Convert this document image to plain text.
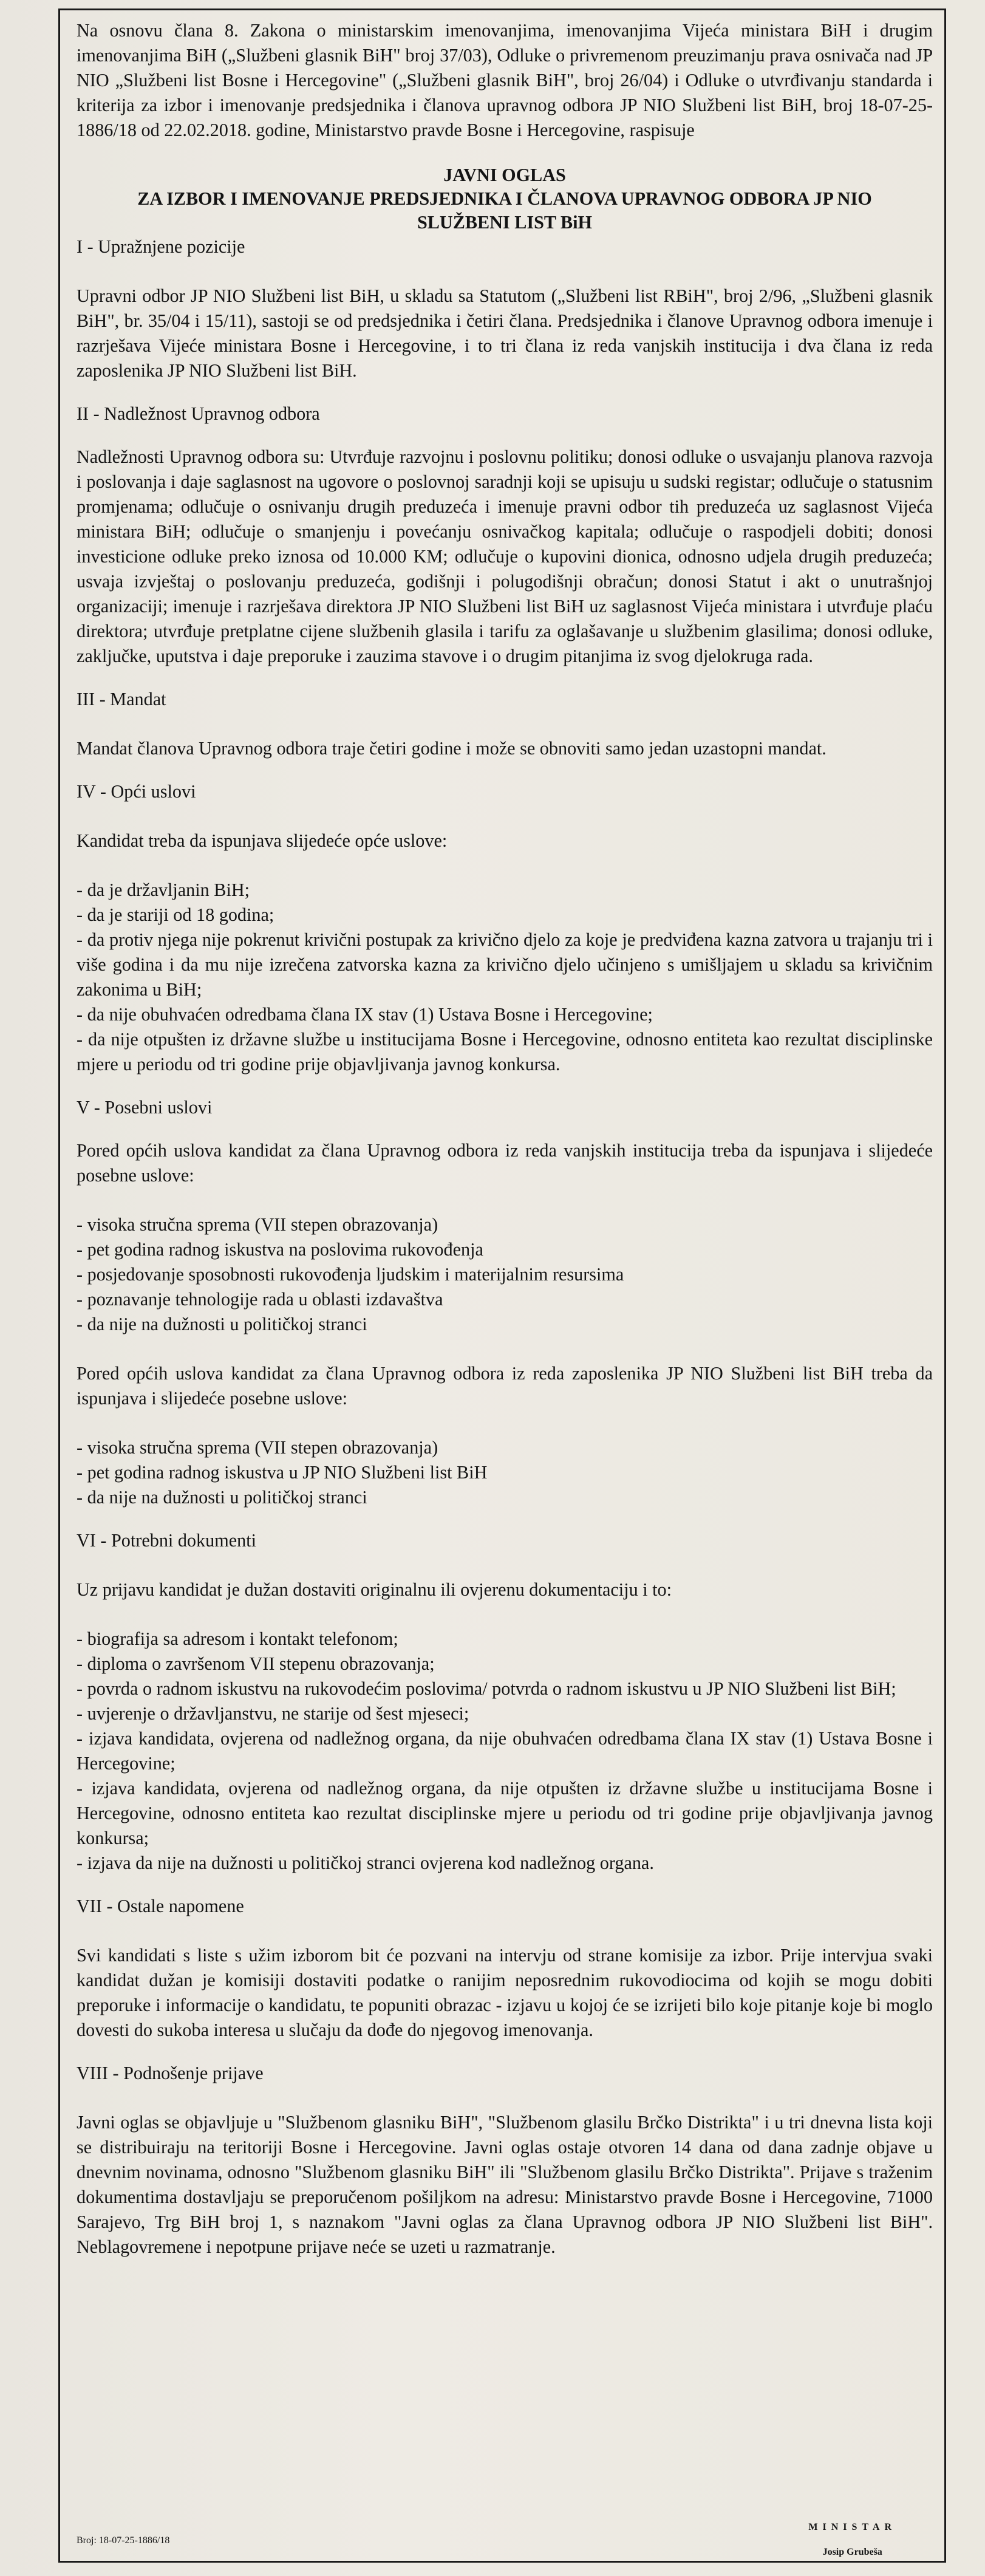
Na osnovu člana 8. Zakona o ministarskim imenovanjima, imenovanjima Vijeća ministara BiH i drugim imenovanjima BiH („Službeni glasnik BiH" broj 37/03), Odluke o privremenom preuzimanju prava osnivača nad JP NIO „Službeni list Bosne i Hercegovine" („Službeni glasnik BiH", broj 26/04) i Odluke o utvrđivanju standarda i kriterija za izbor i imenovanje predsjednika i članova upravnog odbora JP NIO Službeni list BiH, broj 18-07-25-1886/18 od 22.02.2018. godine, Ministarstvo pravde Bosne i Hercegovine, raspisuje

JAVNI OGLAS
ZA IZBOR I IMENOVANJE PREDSJEDNIKA I ČLANOVA UPRAVNOG ODBORA JP NIO
SLUŽBENI LIST BiH

I - Upražnjene pozicije

Upravni odbor JP NIO Službeni list BiH, u skladu sa Statutom („Službeni list RBiH", broj 2/96, „Službeni glasnik BiH", br. 35/04 i 15/11), sastoji se od predsjednika i četiri člana. Predsjednika i članove Upravnog odbora imenuje i razrješava Vijeće ministara Bosne i Hercegovine, i to tri člana iz reda vanjskih institucija i dva člana iz reda zaposlenika JP NIO Službeni list BiH.

II - Nadležnost Upravnog odbora

Nadležnosti Upravnog odbora su: Utvrđuje razvojnu i poslovnu politiku; donosi odluke o usvajanju planova razvoja i poslovanja i daje saglasnost na ugovore o poslovnoj saradnji koji se upisuju u sudski registar; odlučuje o statusnim promjenama; odlučuje o osnivanju drugih preduzeća i imenuje pravni odbor tih preduzeća uz saglasnost Vijeća ministara BiH; odlučuje o smanjenju i povećanju osnivačkog kapitala; odlučuje o raspodjeli dobiti; donosi investicione odluke preko iznosa od 10.000 KM; odlučuje o kupovini dionica, odnosno udjela drugih preduzeća; usvaja izvještaj o poslovanju preduzeća, godišnji i polugodišnji obračun; donosi Statut i akt o unutrašnjoj organizaciji; imenuje i razrješava direktora JP NIO Službeni list BiH uz saglasnost Vijeća ministara i utvrđuje plaću direktora; utvrđuje pretplatne cijene službenih glasila i tarifu za oglašavanje u službenim glasilima; donosi odluke, zaključke, uputstva i daje preporuke i zauzima stavove i o drugim pitanjima iz svog djelokruga rada.

III - Mandat

Mandat članova Upravnog odbora traje četiri godine i može se obnoviti samo jedan uzastopni mandat.

IV - Opći uslovi

Kandidat treba da ispunjava slijedeće opće uslove:

- da je državljanin BiH;
- da je stariji od 18 godina;
- da protiv njega nije pokrenut krivični postupak za krivično djelo za koje je predviđena kazna zatvora u trajanju tri i više godina i da mu nije izrečena zatvorska kazna za krivično djelo učinjeno s umišljajem u skladu sa krivičnim zakonima u BiH;
- da nije obuhvaćen odredbama člana IX stav (1) Ustava Bosne i Hercegovine;
- da nije otpušten iz državne službe u institucijama Bosne i Hercegovine, odnosno entiteta kao rezultat disciplinske mjere u periodu od tri godine prije objavljivanja javnog konkursa.

V - Posebni uslovi

Pored općih uslova kandidat za člana Upravnog odbora iz reda vanjskih institucija treba da ispunjava i slijedeće posebne uslove:

- visoka stručna sprema (VII stepen obrazovanja)
- pet godina radnog iskustva na poslovima rukovođenja
- posjedovanje sposobnosti rukovođenja ljudskim i materijalnim resursima
- poznavanje tehnologije rada u oblasti izdavaštva
- da nije na dužnosti u političkoj stranci

Pored općih uslova kandidat za člana Upravnog odbora iz reda zaposlenika JP NIO Službeni list BiH treba da ispunjava i slijedeće posebne uslove:

- visoka stručna sprema (VII stepen obrazovanja)
- pet godina radnog iskustva u JP NIO Službeni list BiH
- da nije na dužnosti u političkoj stranci

VI - Potrebni dokumenti

Uz prijavu kandidat je dužan dostaviti originalnu ili ovjerenu dokumentaciju i to:

- biografija sa adresom i kontakt telefonom;
- diploma o završenom VII stepenu obrazovanja;
- povrda o radnom iskustvu na rukovodećim poslovima/ potvrda o radnom iskustvu u JP NIO Službeni list BiH;
- uvjerenje o državljanstvu, ne starije od šest mjeseci;
- izjava kandidata, ovjerena od nadležnog organa, da nije obuhvaćen odredbama člana IX stav (1) Ustava Bosne i Hercegovine;
- izjava kandidata, ovjerena od nadležnog organa, da nije otpušten iz državne službe u institucijama Bosne i Hercegovine, odnosno entiteta kao rezultat disciplinske mjere u periodu od tri godine prije objavljivanja javnog konkursa;
- izjava da nije na dužnosti u političkoj stranci ovjerena kod nadležnog organa.

VII - Ostale napomene

Svi kandidati s liste s užim izborom bit će pozvani na intervju od strane komisije za izbor. Prije intervjua svaki kandidat dužan je komisiji dostaviti podatke o ranijim neposrednim rukovodiocima od kojih se mogu dobiti preporuke i informacije o kandidatu, te popuniti obrazac - izjavu u kojoj će se izrijeti bilo koje pitanje koje bi moglo dovesti do sukoba interesa u slučaju da dođe do njegovog imenovanja.

VIII - Podnošenje prijave

Javni oglas se objavljuje u "Službenom glasniku BiH", "Službenom glasilu Brčko Distrikta" i u tri dnevna lista koji se distribuiraju na teritoriji Bosne i Hercegovine. Javni oglas ostaje otvoren 14 dana od dana zadnje objave u dnevnim novinama, odnosno "Službenom glasniku BiH" ili "Službenom glasilu Brčko Distrikta". Prijave s traženim dokumentima dostavljaju se preporučenom pošiljkom na adresu: Ministarstvo pravde Bosne i Hercegovine, 71000 Sarajevo, Trg BiH broj 1, s naznakom "Javni oglas za člana Upravnog odbora JP NIO Službeni list BiH". Neblagovremene i nepotpune prijave neće se uzeti u razmatranje.

Broj: 18-07-25-1886/18
MINISTAR
Josip Grubeša
